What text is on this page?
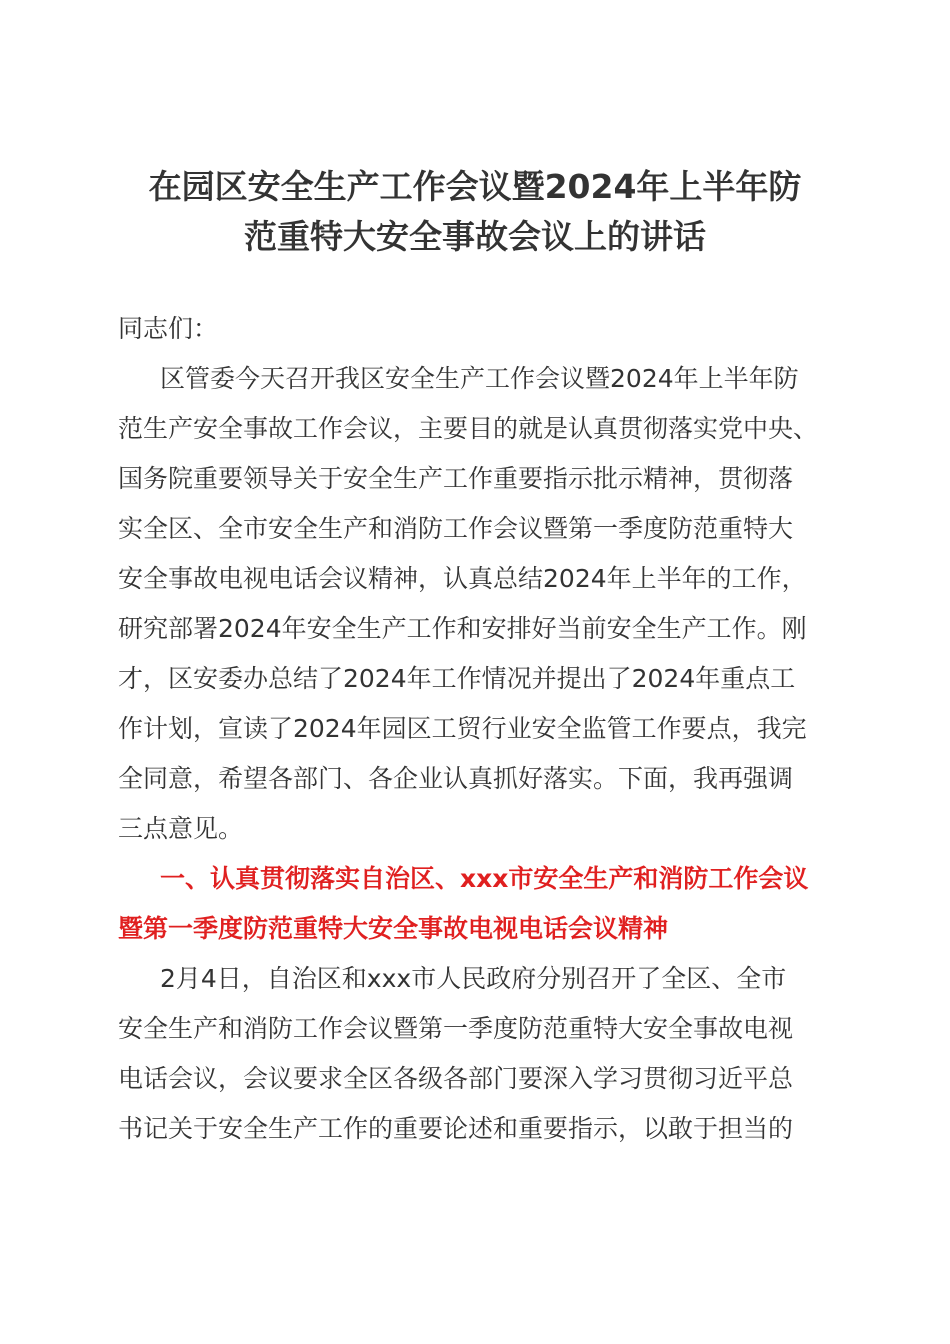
在园区安全生产工作会议暨2024年上半年防
范重特大安全事故会议上的讲话

同志们：

区管委今天召开我区安全生产工作会议暨2024年上半年防
范生产安全事故工作会议，主要目的就是认真贯彻落实党中央、
国务院重要领导关于安全生产工作重要指示批示精神，贯彻落
实全区、全市安全生产和消防工作会议暨第一季度防范重特大
安全事故电视电话会议精神，认真总结2024年上半年的工作，
研究部署2024年安全生产工作和安排好当前安全生产工作。刚
才，区安委办总结了2024年工作情况并提出了2024年重点工
作计划，宣读了2024年园区工贸行业安全监管工作要点，我完
全同意，希望各部门、各企业认真抓好落实。下面，我再强调
三点意见。
一、认真贯彻落实自治区、xxx市安全生产和消防工作会议
暨第一季度防范重特大安全事故电视电话会议精神
2月4日，自治区和xxx市人民政府分别召开了全区、全市
安全生产和消防工作会议暨第一季度防范重特大安全事故电视
电话会议，会议要求全区各级各部门要深入学习贯彻习近平总
书记关于安全生产工作的重要论述和重要指示，以敢于担当的
